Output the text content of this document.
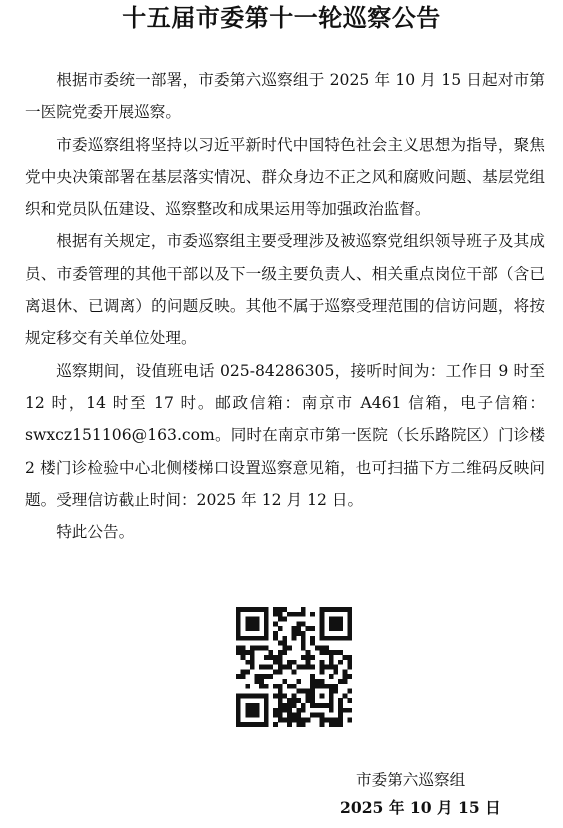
十五届市委第十一轮巡察公告

根据市委统一部署，市委第六巡察组于 2025 年 10 月 15 日起对市第一医院党委开展巡察。

市委巡察组将坚持以习近平新时代中国特色社会主义思想为指导，聚焦党中央决策部署在基层落实情况、群众身边不正之风和腐败问题、基层党组织和党员队伍建设、巡察整改和成果运用等加强政治监督。

根据有关规定，市委巡察组主要受理涉及被巡察党组织领导班子及其成员、市委管理的其他干部以及下一级主要负责人、相关重点岗位干部（含已离退休、已调离）的问题反映。其他不属于巡察受理范围的信访问题，将按规定移交有关单位处理。

巡察期间，设值班电话 025-84286305，接听时间为：工作日 9 时至 12 时，14 时至 17 时。邮政信箱：南京市 A461 信箱，电子信箱：swxcz151106@163.com。同时在南京市第一医院（长乐路院区）门诊楼 2 楼门诊检验中心北侧楼梯口设置巡察意见箱，也可扫描下方二维码反映问题。受理信访截止时间：2025 年 12 月 12 日。

特此公告。

市委第六巡察组
2025 年 10 月 15 日
